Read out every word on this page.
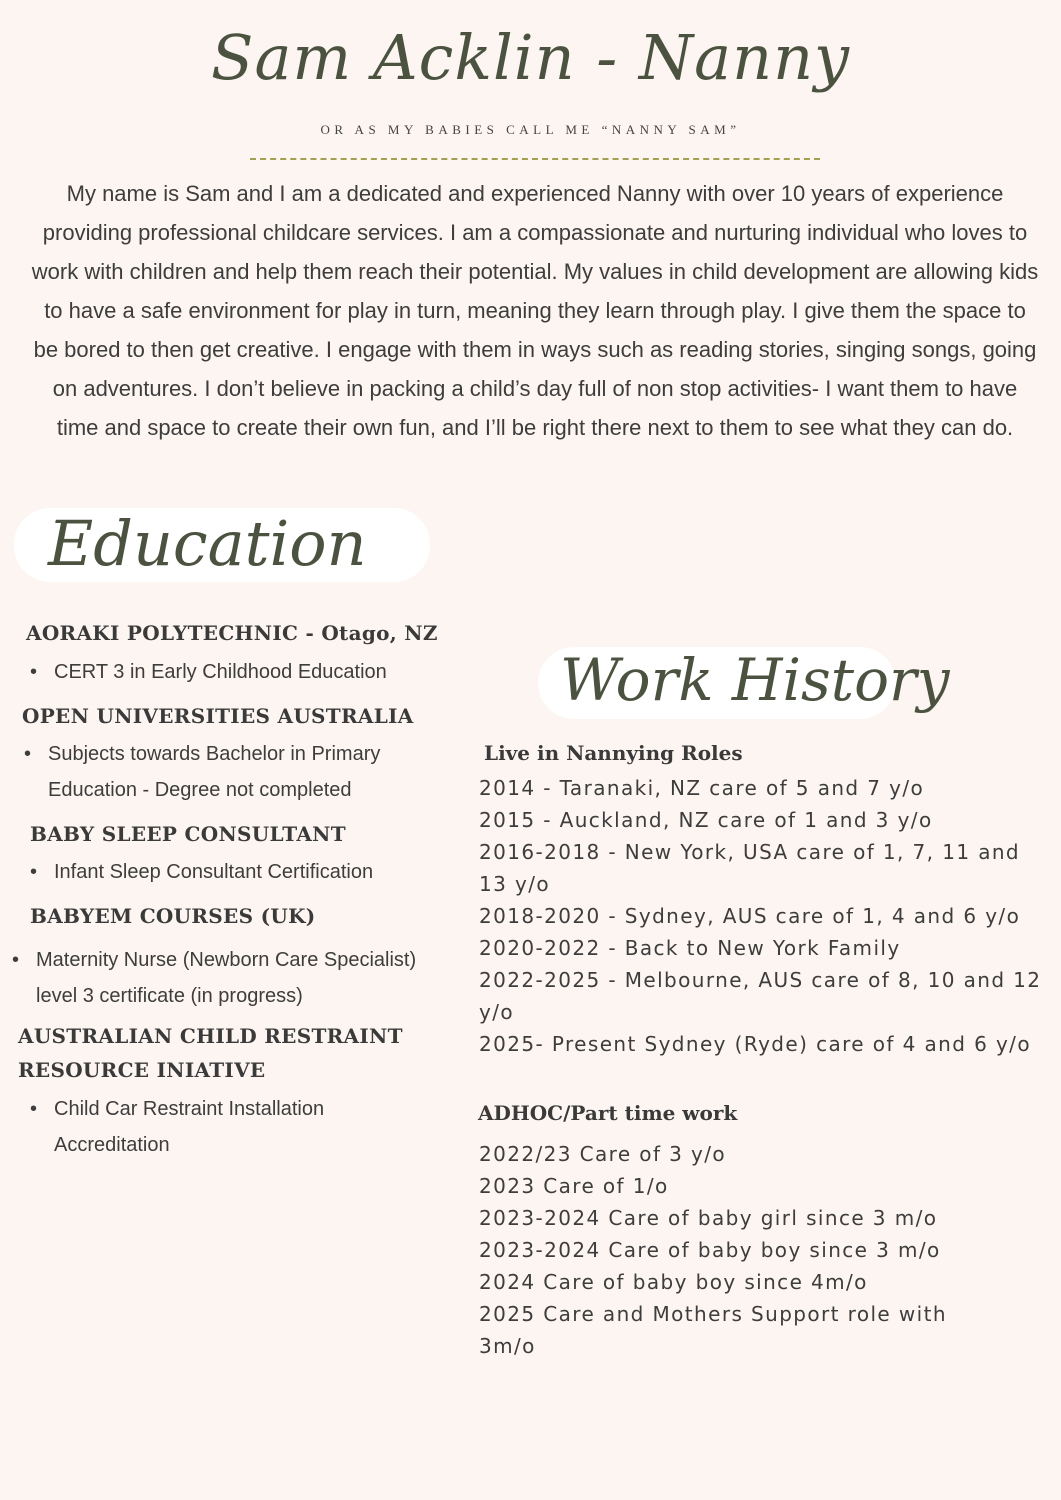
Sam Acklin - Nanny
OR AS MY BABIES CALL ME “NANNY SAM”
My name is Sam and I am a dedicated and experienced Nanny with over 10 years of experience providing professional childcare services. I am a compassionate and nurturing individual who loves to work with children and help them reach their potential. My values in child development are allowing kids to have a safe environment for play in turn, meaning they learn through play. I give them the space to be bored to then get creative. I engage with them in ways such as reading stories, singing songs, going on adventures. I don’t believe in packing a child’s day full of non stop activities- I want them to have time and space to create their own fun, and I’ll be right there next to them to see what they can do.
Education
AORAKI POLYTECHNIC - Otago, NZ
• CERT 3 in Early Childhood Education
OPEN UNIVERSITIES AUSTRALIA
• Subjects towards Bachelor in Primary Education - Degree not completed
BABY SLEEP CONSULTANT
• Infant Sleep Consultant Certification
BABYEM COURSES (UK)
• Maternity Nurse (Newborn Care Specialist) level 3 certificate (in progress)
AUSTRALIAN CHILD RESTRAINT
RESOURCE INIATIVE
• Child Car Restraint Installation Accreditation
Work History
Live in Nannying Roles
2014 - Taranaki, NZ care of 5 and 7 y/o
2015 - Auckland, NZ care of 1 and 3 y/o
2016-2018 - New York, USA care of 1, 7, 11 and 13 y/o
2018-2020 - Sydney, AUS care of 1, 4 and 6 y/o
2020-2022 - Back to New York Family
2022-2025 - Melbourne, AUS care of 8, 10 and 12 y/o
2025- Present Sydney (Ryde) care of 4 and 6 y/o
ADHOC/Part time work
2022/23 Care of 3 y/o
2023 Care of 1/o
2023-2024 Care of baby girl since 3 m/o
2023-2024 Care of baby boy since 3 m/o
2024 Care of baby boy since 4m/o
2025 Care and Mothers Support role with 3m/o
